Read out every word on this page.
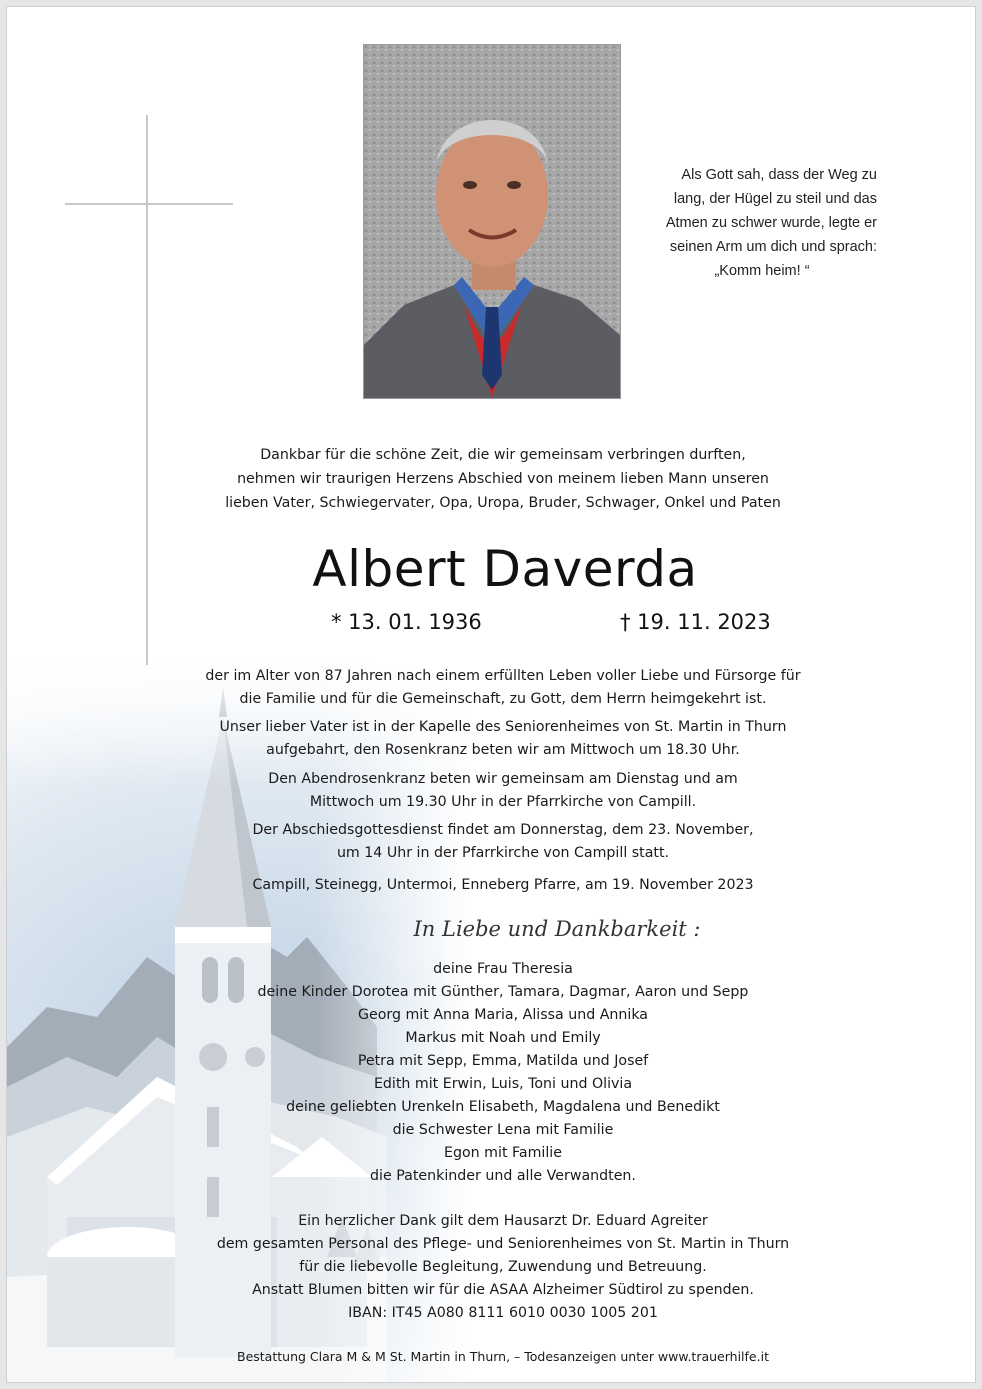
Als Gott sah, dass der Weg zu
lang, der Hügel zu steil und das
Atmen zu schwer wurde, legte er
seinen Arm um dich und sprach:
„Komm heim! “
Dankbar für die schöne Zeit, die wir gemeinsam verbringen durften,
nehmen wir traurigen Herzens Abschied von meinem lieben Mann unseren
lieben Vater, Schwiegervater, Opa, Uropa, Bruder, Schwager, Onkel und Paten
Albert Daverda
* 13. 01. 1936	† 19. 11. 2023
der im Alter von 87 Jahren nach einem erfüllten Leben voller Liebe und Fürsorge für
die Familie und für die Gemeinschaft, zu Gott, dem Herrn heimgekehrt ist.
Unser lieber Vater ist in der Kapelle des Seniorenheimes von St. Martin in Thurn
aufgebahrt, den Rosenkranz beten wir am Mittwoch um 18.30 Uhr.
Den Abendrosenkranz beten wir gemeinsam am Dienstag und am
Mittwoch um 19.30 Uhr in der Pfarrkirche von Campill.
Der Abschiedsgottesdienst findet am Donnerstag, dem 23. November,
um 14 Uhr in der Pfarrkirche von Campill statt.
Campill, Steinegg, Untermoi, Enneberg Pfarre, am 19. November 2023
In Liebe und Dankbarkeit :
deine Frau Theresia
deine Kinder Dorotea mit Günther, Tamara, Dagmar, Aaron und Sepp
Georg mit Anna Maria, Alissa und Annika
Markus mit Noah und Emily
Petra mit Sepp, Emma, Matilda und Josef
Edith mit Erwin, Luis, Toni und Olivia
deine geliebten Urenkeln Elisabeth, Magdalena und Benedikt
die Schwester Lena mit Familie
Egon mit Familie
die Patenkinder und alle Verwandten.
Ein herzlicher Dank gilt dem Hausarzt Dr. Eduard Agreiter
dem gesamten Personal des Pflege- und Seniorenheimes von St. Martin in Thurn
für die liebevolle Begleitung, Zuwendung und Betreuung.
Anstatt Blumen bitten wir für die ASAA Alzheimer Südtirol zu spenden.
IBAN: IT45 A080 8111 6010 0030 1005 201
Bestattung Clara M & M St. Martin in Thurn, – Todesanzeigen unter www.trauerhilfe.it
